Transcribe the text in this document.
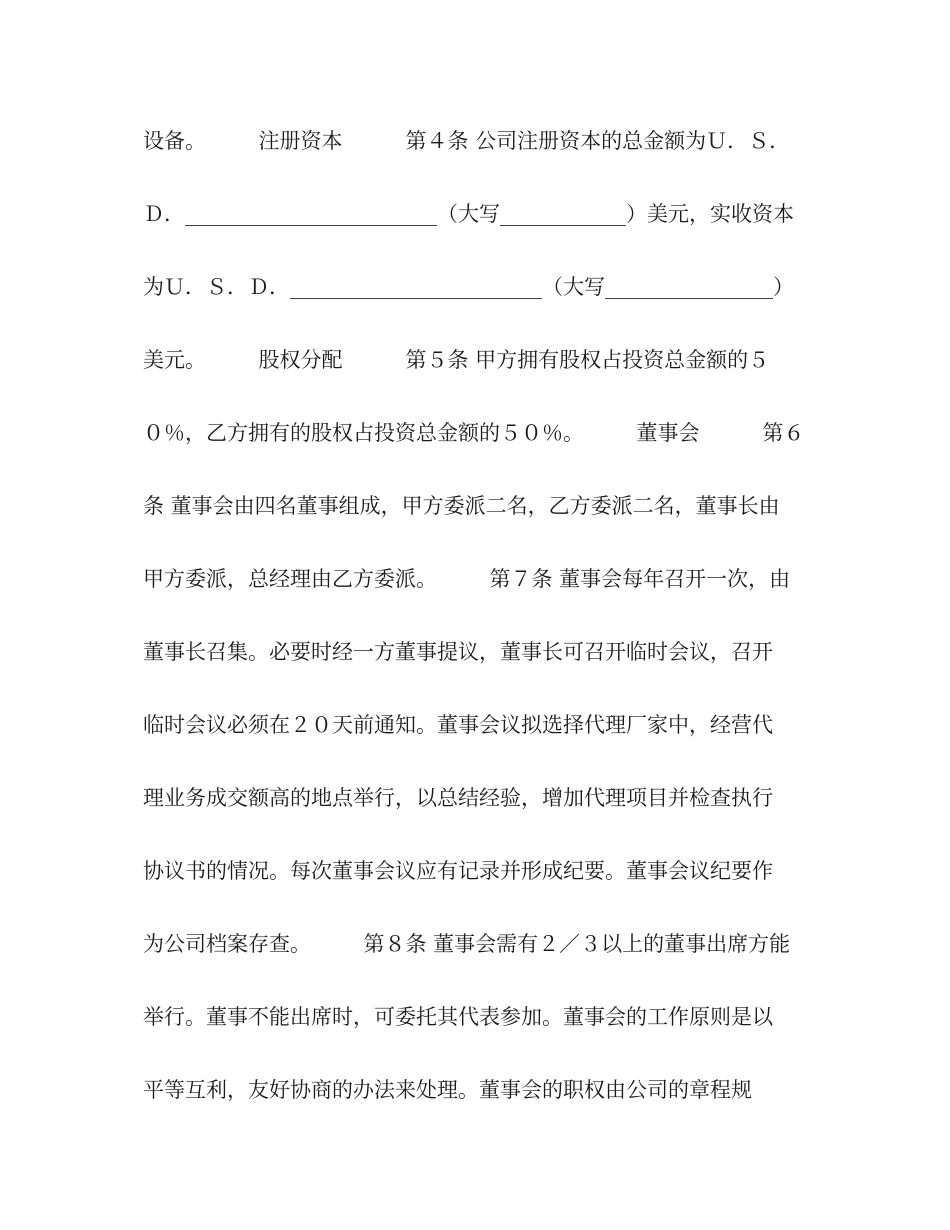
设备。　　　注册资本　　　第４条 公司注册资本的总金额为Ｕ．Ｓ．
Ｄ．________________________（大写____________）美元，实收资本
为Ｕ．Ｓ．Ｄ．________________________（大写________________）
美元。　　　股权分配　　　第５条 甲方拥有股权占投资总金额的５
０％，乙方拥有的股权占投资总金额的５０％。　　　董事会　　　第６
条 董事会由四名董事组成，甲方委派二名，乙方委派二名，董事长由
甲方委派，总经理由乙方委派。　　　第７条 董事会每年召开一次，由
董事长召集。必要时经一方董事提议，董事长可召开临时会议，召开
临时会议必须在２０天前通知。董事会议拟选择代理厂家中，经营代
理业务成交额高的地点举行，以总结经验，增加代理项目并检查执行
协议书的情况。每次董事会议应有记录并形成纪要。董事会议纪要作
为公司档案存查。　　　第８条 董事会需有２／３以上的董事出席方能
举行。董事不能出席时，可委托其代表参加。董事会的工作原则是以
平等互利，友好协商的办法来处理。董事会的职权由公司的章程规
